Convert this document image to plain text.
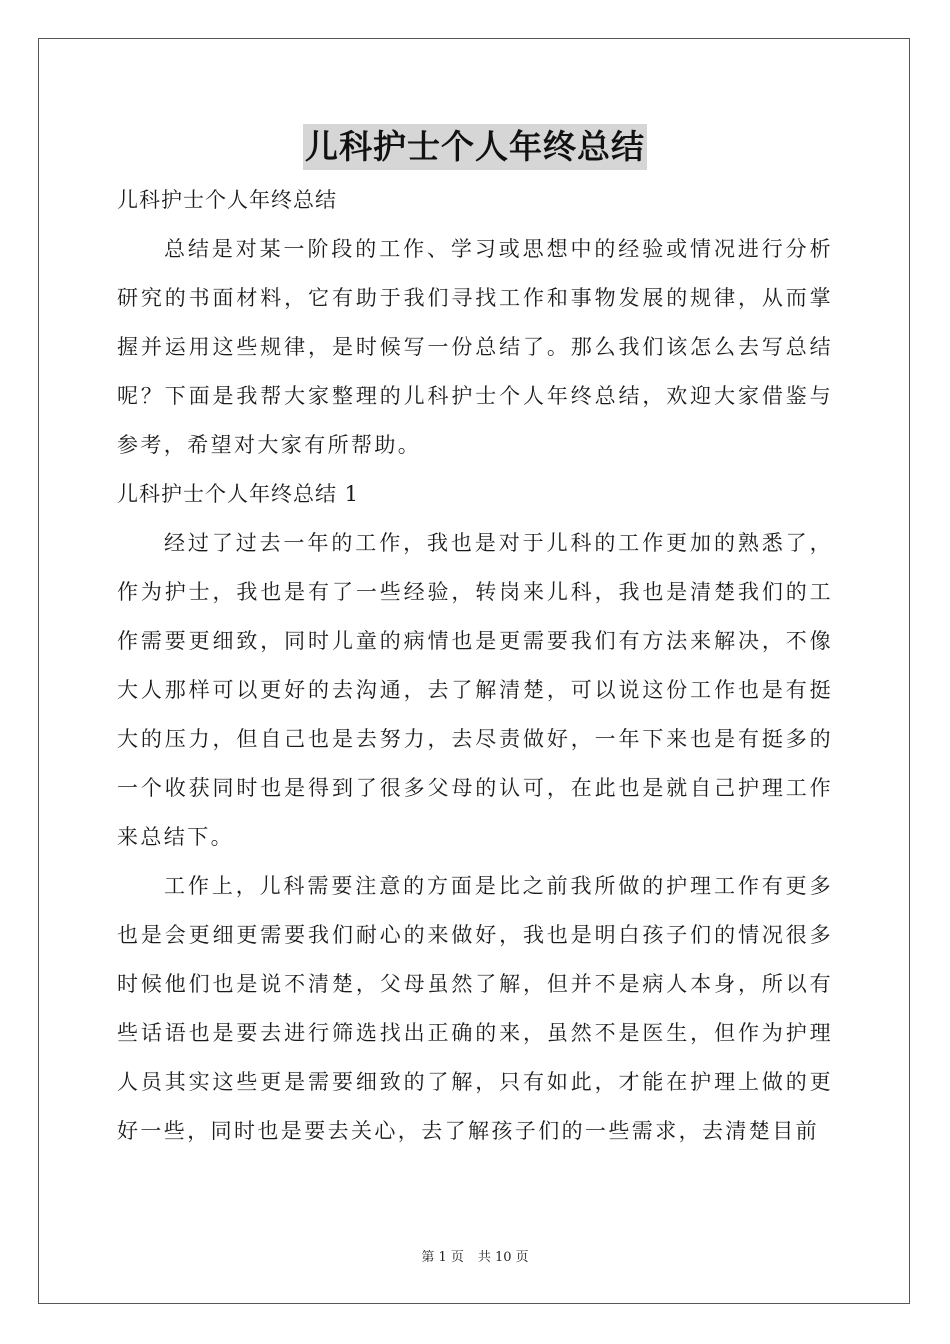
儿科护士个人年终总结

儿科护士个人年终总结

总结是对某一阶段的工作、学习或思想中的经验或情况进行分析研究的书面材料，它有助于我们寻找工作和事物发展的规律，从而掌握并运用这些规律，是时候写一份总结了。那么我们该怎么去写总结呢？下面是我帮大家整理的儿科护士个人年终总结，欢迎大家借鉴与参考，希望对大家有所帮助。

儿科护士个人年终总结 1

经过了过去一年的工作，我也是对于儿科的工作更加的熟悉了，作为护士，我也是有了一些经验，转岗来儿科，我也是清楚我们的工作需要更细致，同时儿童的病情也是更需要我们有方法来解决，不像大人那样可以更好的去沟通，去了解清楚，可以说这份工作也是有挺大的压力，但自己也是去努力，去尽责做好，一年下来也是有挺多的一个收获同时也是得到了很多父母的认可，在此也是就自己护理工作来总结下。

工作上，儿科需要注意的方面是比之前我所做的护理工作有更多也是会更细更需要我们耐心的来做好，我也是明白孩子们的情况很多时候他们也是说不清楚，父母虽然了解，但并不是病人本身，所以有些话语也是要去进行筛选找出正确的来，虽然不是医生，但作为护理人员其实这些更是需要细致的了解，只有如此，才能在护理上做的更好一些，同时也是要去关心，去了解孩子们的一些需求，去清楚目前

第 1 页 共 10 页
